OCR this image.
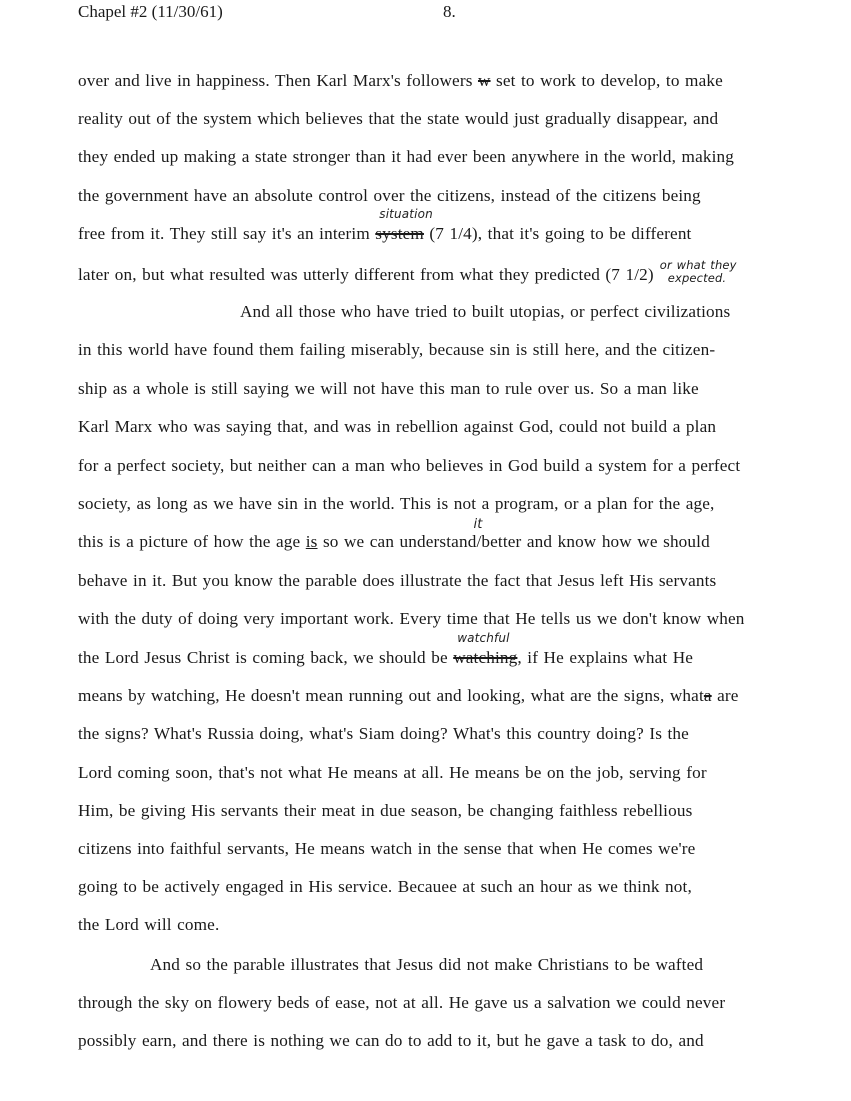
Chapel #2 (11/30/61)	8.
over and live in happiness. Then Karl Marx's followers w set to work to develop, to make
reality out of the system which believes that the state would just gradually disappear, and
they ended up making a state stronger than it had ever been anywhere in the world, making
the government have an absolute control over the citizens, instead of the citizens being
free from it. They still say it's an interim system
situation
(7 1/4), that it's going to be different
later on, but what resulted was utterly different from what they predicted (7 1/2) or what they
expected.
And all those who have tried to built utopias, or perfect civilizations
in this world have found them failing miserably, because sin is still here, and the citizen-
ship as a whole is still saying we will not have this man to rule over us. So a man like
Karl Marx who was saying that, and was in rebellion against God, could not build a plan
for a perfect society, but neither can a man who believes in God build a system for a perfect
society, as long as we have sin in the world. This is not a program, or a plan for the age,
this is a picture of how the age is so we can understand/
it
better and know how we should
behave in it. But you know the parable does illustrate the fact that Jesus left His servants
with the duty of doing very important work. Every time that He tells us we don't know when
the Lord Jesus Christ is coming back, we should be watching
watchful
, if He explains what He
means by watching, He doesn't mean running out and looking, what are the signs, whata are
the signs? What's Russia doing, what's Siam doing? What's this country doing? Is the
Lord coming soon, that's not what He means at all. He means be on the job, serving for
Him, be giving His servants their meat in due season, be changing faithless rebellious
citizens into faithful servants, He means watch in the sense that when He comes we're
going to be actively engaged in His service. Becauee at such an hour as we think not,
the Lord will come.
And so the parable illustrates that Jesus did not make Christians to be wafted
through the sky on flowery beds of ease, not at all. He gave us a salvation we could never
possibly earn, and there is nothing we can do to add to it, but he gave a task to do, and
